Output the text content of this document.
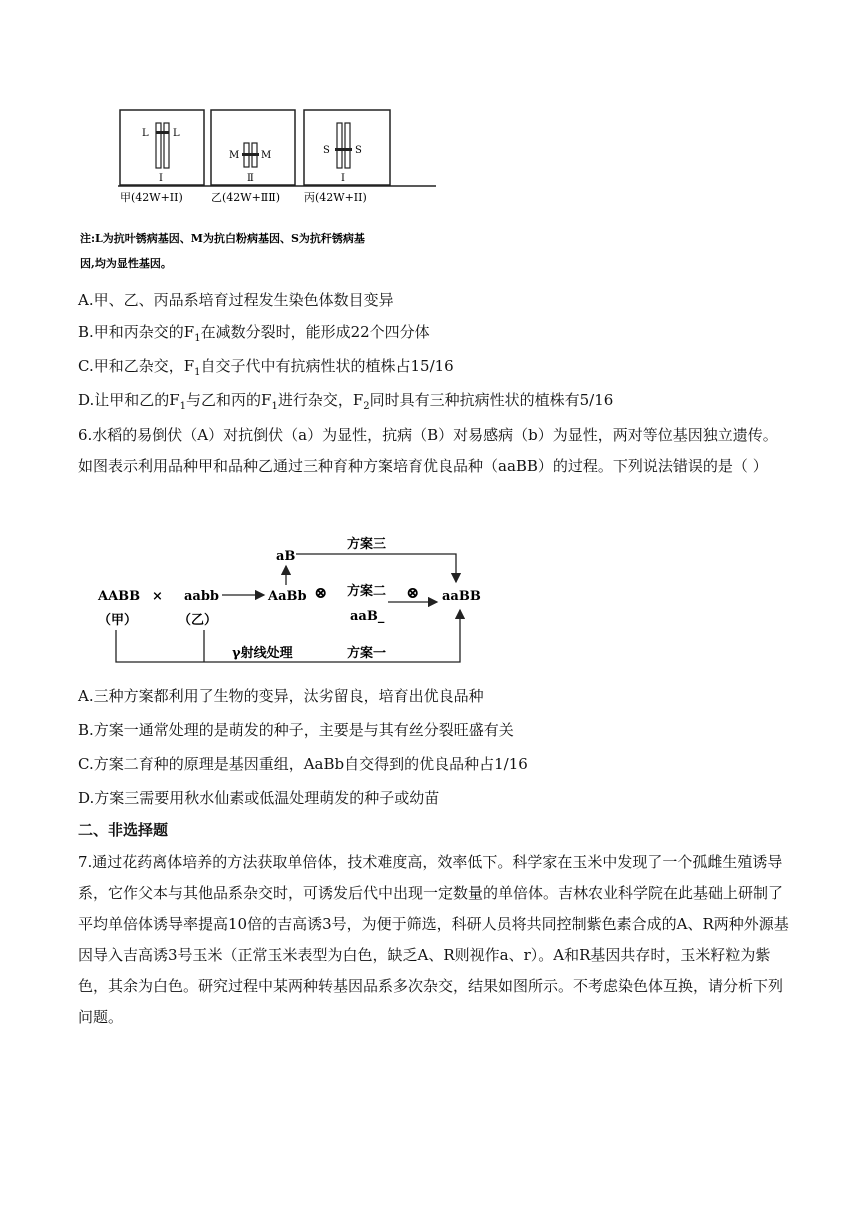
L L
I
M M
Ⅱ
S	S
I
甲(42W+ⅠⅠ)	乙(42W+ⅡⅡ) 丙(42W+ⅠⅠ)
注:L为抗叶锈病基因、M为抗白粉病基因、S为抗秆锈病基
因,均为显性基因。
A.甲、乙、丙品系培育过程发生染色体数目变异
B.甲和丙杂交的$F_1$在减数分裂时，能形成22个四分体
C.甲和乙杂交，$F_1$自交子代中有抗病性状的植株占15/16
D.让甲和乙的$F_1$与乙和丙的$F_1$进行杂交，$F_2$同时具有三种抗病性状的植株有5/16
6.水稻的易倒伏（A）对抗倒伏（a）为显性，抗病（B）对易感病（b）为显性，两对等位基因独立遗传。如图表示利用品种甲和品种乙通过三种育种方案培育优良品种（aaBB）的过程。下列说法错误的是（ ）
AABB × aabb	AaBb
aB
aaB_
aaBB
（甲）	（乙）
方案三
方案二
方案一
γ射线处理
⊗	⊗
A.三种方案都利用了生物的变异，汰劣留良，培育出优良品种
B.方案一通常处理的是萌发的种子，主要是与其有丝分裂旺盛有关
C.方案二育种的原理是基因重组，AaBb自交得到的优良品种占1/16
D.方案三需要用秋水仙素或低温处理萌发的种子或幼苗
二、非选择题
7.通过花药离体培养的方法获取单倍体，技术难度高，效率低下。科学家在玉米中发现了一个孤雌生殖诱导系，它作父本与其他品系杂交时，可诱发后代中出现一定数量的单倍体。吉林农业科学院在此基础上研制了平均单倍体诱导率提高10倍的吉高诱3号，为便于筛选，科研人员将共同控制紫色素合成的A、R两种外源基因导入吉高诱3号玉米（正常玉米表型为白色，缺乏A、R则视作a、r）。A和R基因共存时，玉米籽粒为紫色，其余为白色。研究过程中某两种转基因品系多次杂交，结果如图所示。不考虑染色体互换，请分析下列问题。
